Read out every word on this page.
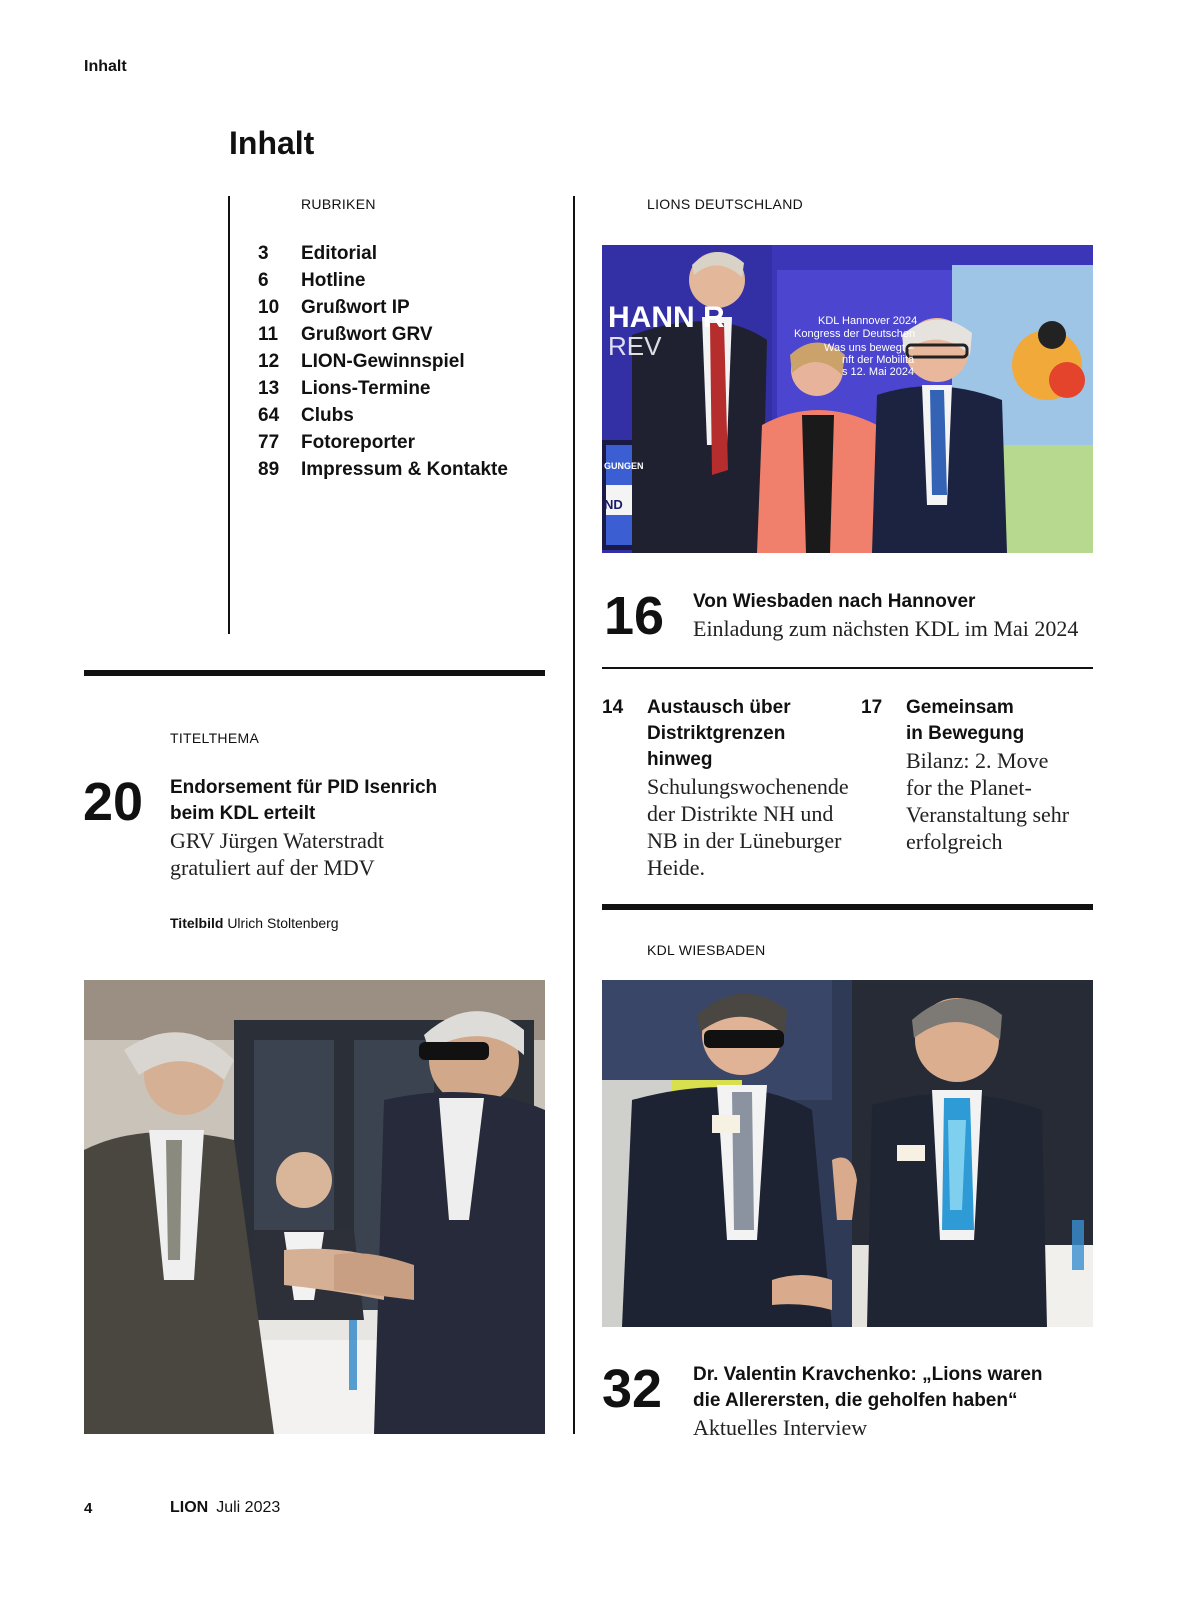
Inhalt
Inhalt
RUBRIKEN
3	Editorial
6	Hotline
10	Grußwort IP
11	Grußwort GRV
12	LION-Gewinnspiel
13	Lions-Termine
64	Clubs
77	Fotoreporter
89	Impressum & Kontakte
TITELTHEMA
20 Endorsement für PID Isenrich
beim KDL erteilt
GRV Jürgen Waterstradt
gratuliert auf der MDV
Titelbild Ulrich Stoltenberg
LIONS DEUTSCHLAND
HANN R
REV
KDL Hannover 2024
Kongress der Deutschen
Was uns bewegt –
nft der Mobilitä
s 12. Mai 2024
GUNGEN
ND
16 Von Wiesbaden nach Hannover
Einladung zum nächsten KDL im Mai 2024
14 Austausch über
Distriktgrenzen
hinweg
Schulungswochenende
der Distrikte NH und
NB in der Lüneburger
Heide.
17 Gemeinsam
in Bewegung
Bilanz: 2. Move
for the Planet-
Veranstaltung sehr
erfolgreich
KDL WIESBADEN
32 Dr. Valentin Kravchenko: „Lions waren
die Allerersten, die geholfen haben“
Aktuelles Interview
4	LION Juli 2023
